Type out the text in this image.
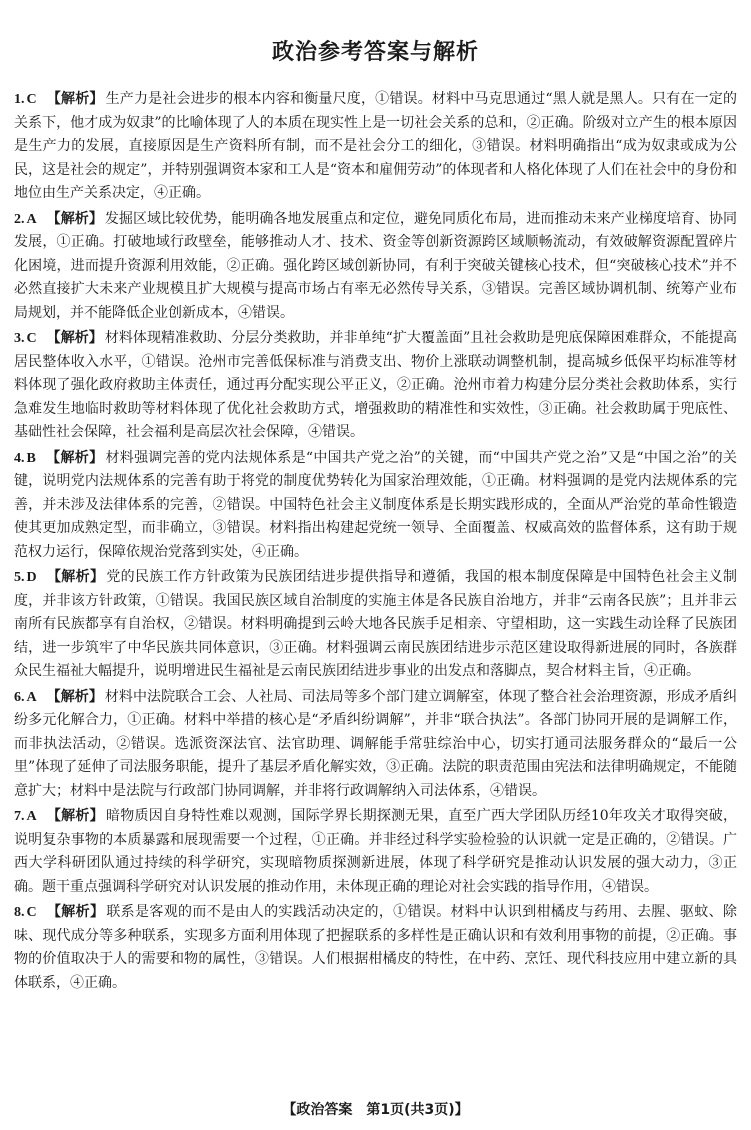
政治参考答案与解析

1. C 【解析】 生产力是社会进步的根本内容和衡量尺度，①错误。材料中马克思通过“黑人就是黑人。只有在一定的关系下，他才成为奴隶”的比喻体现了人的本质在现实性上是一切社会关系的总和，②正确。阶级对立产生的根本原因是生产力的发展，直接原因是生产资料所有制，而不是社会分工的细化，③错误。材料明确指出“成为奴隶或成为公民，这是社会的规定”，并特别强调资本家和工人是“资本和雇佣劳动”的体现者和人格化体现了人们在社会中的身份和地位由生产关系决定，④正确。

2. A 【解析】 发掘区域比较优势，能明确各地发展重点和定位，避免同质化布局，进而推动未来产业梯度培育、协同发展，①正确。打破地域行政壁垒，能够推动人才、技术、资金等创新资源跨区域顺畅流动，有效破解资源配置碎片化困境，进而提升资源利用效能，②正确。强化跨区域创新协同，有利于突破关键核心技术，但“突破核心技术”并不必然直接扩大未来产业规模且扩大规模与提高市场占有率无必然传导关系，③错误。完善区域协调机制、统筹产业布局规划，并不能降低企业创新成本，④错误。

3. C 【解析】 材料体现精准救助、分层分类救助，并非单纯“扩大覆盖面”且社会救助是兜底保障困难群众，不能提高居民整体收入水平，①错误。沧州市完善低保标准与消费支出、物价上涨联动调整机制，提高城乡低保平均标准等材料体现了强化政府救助主体责任，通过再分配实现公平正义，②正确。沧州市着力构建分层分类社会救助体系，实行急难发生地临时救助等材料体现了优化社会救助方式，增强救助的精准性和实效性，③正确。社会救助属于兜底性、基础性社会保障，社会福利是高层次社会保障，④错误。

4. B 【解析】 材料强调完善的党内法规体系是“中国共产党之治”的关键，而“中国共产党之治”又是“中国之治”的关键，说明党内法规体系的完善有助于将党的制度优势转化为国家治理效能，①正确。材料强调的是党内法规体系的完善，并未涉及法律体系的完善，②错误。中国特色社会主义制度体系是长期实践形成的，全面从严治党的革命性锻造使其更加成熟定型，而非确立，③错误。材料指出构建起党统一领导、全面覆盖、权威高效的监督体系，这有助于规范权力运行，保障依规治党落到实处，④正确。

5. D 【解析】 党的民族工作方针政策为民族团结进步提供指导和遵循，我国的根本制度保障是中国特色社会主义制度，并非该方针政策，①错误。我国民族区域自治制度的实施主体是各民族自治地方，并非“云南各民族”；且并非云南所有民族都享有自治权，②错误。材料明确提到云岭大地各民族手足相亲、守望相助，这一实践生动诠释了民族团结，进一步筑牢了中华民族共同体意识，③正确。材料强调云南民族团结进步示范区建设取得新进展的同时，各族群众民生福祉大幅提升，说明增进民生福祉是云南民族团结进步事业的出发点和落脚点，契合材料主旨，④正确。

6. A 【解析】 材料中法院联合工会、人社局、司法局等多个部门建立调解室，体现了整合社会治理资源，形成矛盾纠纷多元化解合力，①正确。材料中举措的核心是“矛盾纠纷调解”，并非“联合执法”。各部门协同开展的是调解工作，而非执法活动，②错误。选派资深法官、法官助理、调解能手常驻综治中心，切实打通司法服务群众的“最后一公里”体现了延伸了司法服务职能，提升了基层矛盾化解实效，③正确。法院的职责范围由宪法和法律明确规定，不能随意扩大；材料中是法院与行政部门协同调解，并非将行政调解纳入司法体系，④错误。

7. A 【解析】 暗物质因自身特性难以观测，国际学界长期探测无果，直至广西大学团队历经10年攻关才取得突破，说明复杂事物的本质暴露和展现需要一个过程，①正确。并非经过科学实验检验的认识就一定是正确的，②错误。广西大学科研团队通过持续的科学研究，实现暗物质探测新进展，体现了科学研究是推动认识发展的强大动力，③正确。题干重点强调科学研究对认识发展的推动作用，未体现正确的理论对社会实践的指导作用，④错误。

8. C 【解析】 联系是客观的而不是由人的实践活动决定的，①错误。材料中认识到柑橘皮与药用、去腥、驱蚊、除味、现代成分等多种联系，实现多方面利用体现了把握联系的多样性是正确认识和有效利用事物的前提，②正确。事物的价值取决于人的需要和物的属性，③错误。人们根据柑橘皮的特性，在中药、烹饪、现代科技应用中建立新的具体联系，④正确。

【政治答案　第1页(共3页)】
